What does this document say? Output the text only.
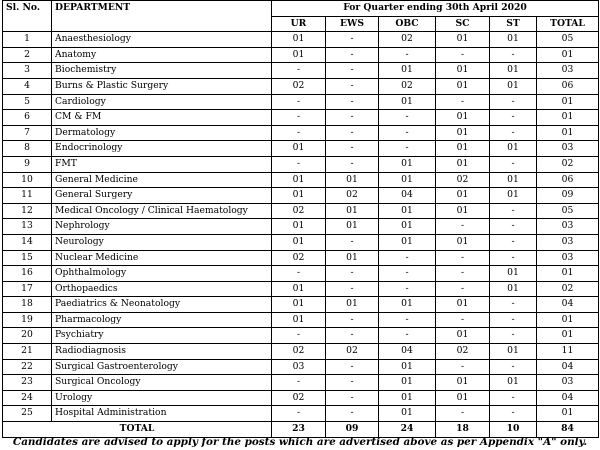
Sl. No.	DEPARTMENT	For Quarter ending 30th April 2020					
		UR	EWS	OBC	SC	ST	TOTAL
1	Anaesthesiology	01	-	02	01	01	05
2	Anatomy	01	-	-	-	-	01
3	Biochemistry	-	-	01	01	01	03
4	Burns & Plastic Surgery	02	-	02	01	01	06
5	Cardiology	-	-	01	-	-	01
6	CM & FM	-	-	-	01	-	01
7	Dermatology	-	-	-	01	-	01
8	Endocrinology	01	-	-	01	01	03
9	FMT	-	-	01	01	-	02
10	General Medicine	01	01	01	02	01	06
11	General Surgery	01	02	04	01	01	09
12	Medical Oncology / Clinical Haematology	02	01	01	01	-	05
13	Nephrology	01	01	01	-	-	03
14	Neurology	01	-	01	01	-	03
15	Nuclear Medicine	02	01	-	-	-	03
16	Ophthalmology	-	-	-	-	01	01
17	Orthopaedics	01	-	-	-	01	02
18	Paediatrics & Neonatology	01	01	01	01	-	04
19	Pharmacology	01	-	-	-	-	01
20	Psychiatry	-	-	-	01	-	01
21	Radiodiagnosis	02	02	04	02	01	11
22	Surgical Gastroenterology	03	-	01	-	-	04
23	Surgical Oncology	-	-	01	01	01	03
24	Urology	02	-	01	01	-	04
25	Hospital Administration	-	-	01	-	-	01
TOTAL		23	09	24	18	10	84
Candidates are advised to apply for the posts which are advertised above as per Appendix "A" only.
